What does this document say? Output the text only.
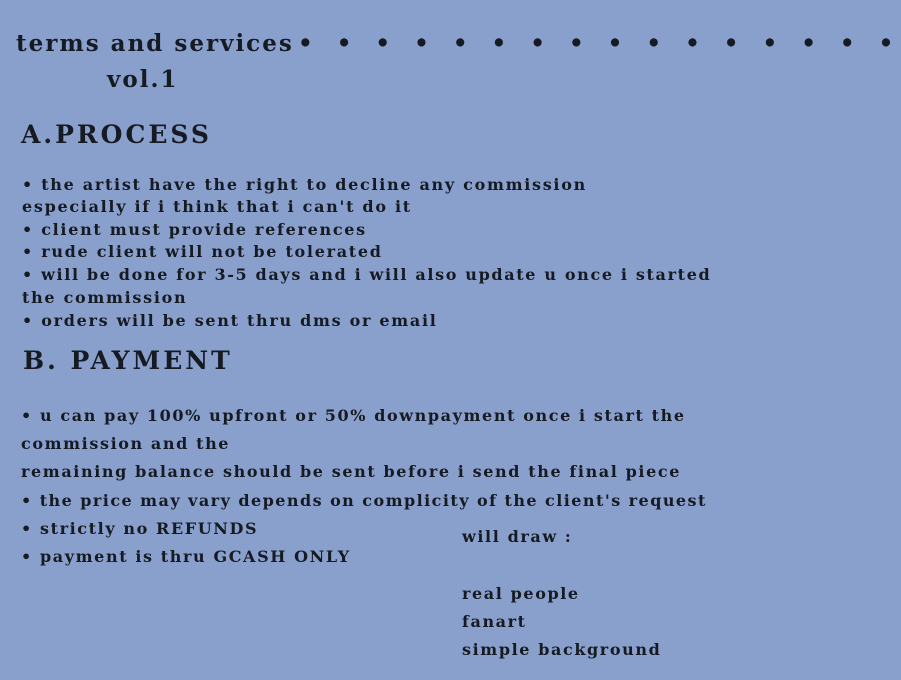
terms and services • • • • • • • • • • • • • • • •
vol.1
A.PROCESS
• the artist have the right to decline any commission
especially if i think that i can't do it
• client must provide references
• rude client will not be tolerated
• will be done for 3-5 days and i will also update u once i started
the commission
• orders will be sent thru dms or email
B. PAYMENT
• u can pay 100% upfront or 50% downpayment once i start the
commission and the
remaining balance should be sent before i send the final piece
• the price may vary depends on complicity of the client's request
• strictly no REFUNDS
• payment is thru GCASH ONLY
will draw :
real people
fanart
simple background
